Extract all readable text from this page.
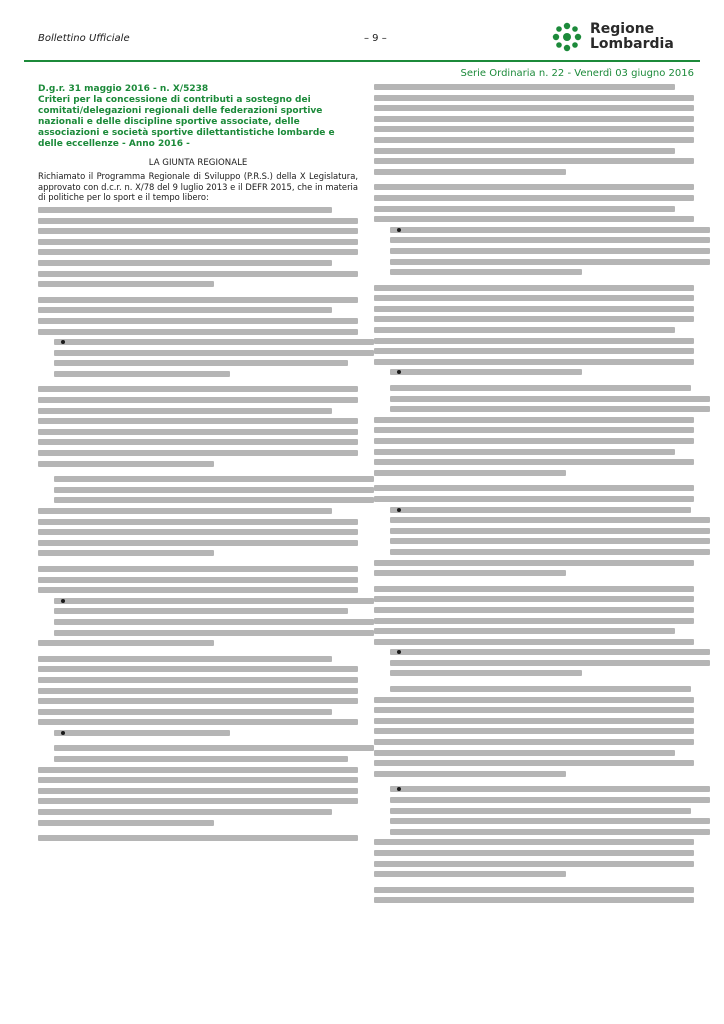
Bollettino Ufficiale	– 9 –
Regione
Lombardia
Serie Ordinaria n. 22 - Venerdì 03 giugno 2016
D.g.r. 31 maggio 2016 - n. X/5238
Criteri per la concessione di contributi a sostegno dei comitati/delegazioni regionali delle federazioni sportive nazionali e delle discipline sportive associate, delle associazioni e società sportive dilettantistiche lombarde e delle eccellenze - Anno 2016 -
LA GIUNTA REGIONALE

Richiamato il Programma Regionale di Sviluppo (P.R.S.) della X Legislatura, approvato con d.c.r. n. X/78 del 9 luglio 2013 e il DEFR 2015, che in materia di politiche per lo sport e il tempo libero:
